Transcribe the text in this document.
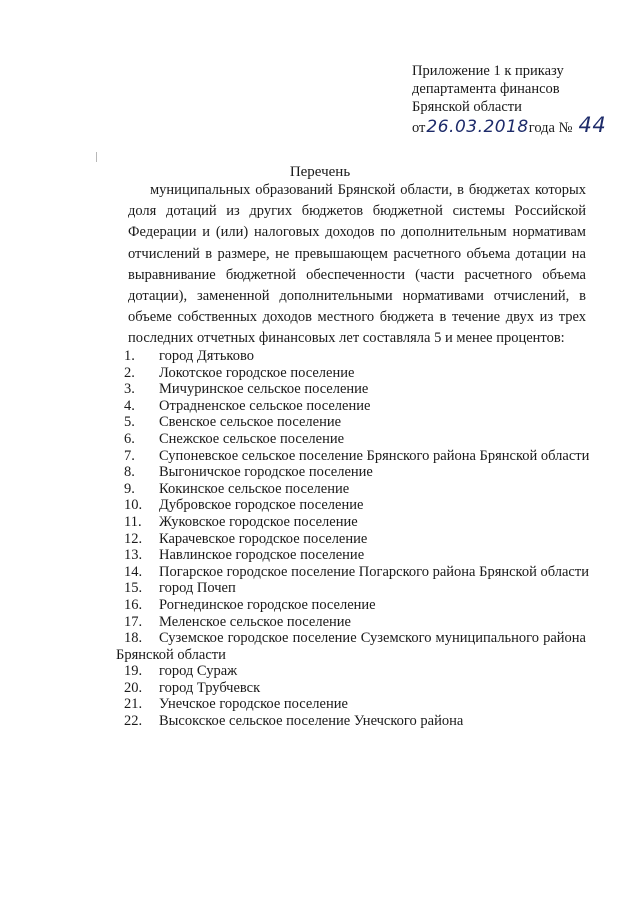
Приложение 1 к приказу
департамента финансов
Брянской области
от 26.03.2018 года № 44
Перечень
муниципальных образований Брянской области, в бюджетах которых доля дотаций из других бюджетов бюджетной системы Российской Федерации и (или) налоговых доходов по дополнительным нормативам отчислений в размере, не превышающем расчетного объема дотации на выравнивание бюджетной обеспеченности (части расчетного объема дотации), замененной дополнительными нормативами отчислений, в объеме собственных доходов местного бюджета в течение двух из трех последних отчетных финансовых лет составляла 5 и менее процентов:
1. город Дятьково
2. Локотское городское поселение
3. Мичуринское сельское поселение
4. Отрадненское сельское поселение
5. Свенское сельское поселение
6. Снежское сельское поселение
7. Супоневское сельское поселение Брянского района Брянской области
8. Выгоничское городское поселение
9. Кокинское сельское поселение
10. Дубровское городское поселение
11. Жуковское городское поселение
12. Карачевское городское поселение
13. Навлинское городское поселение
14. Погарское городское поселение Погарского района Брянской области
15. город Почеп
16. Рогнединское городское поселение
17. Меленское сельское поселение
18. Суземское городское поселение Суземского муниципального района Брянской области
19. город Сураж
20. город Трубчевск
21. Унечское городское поселение
22. Высокское сельское поселение Унечского района
